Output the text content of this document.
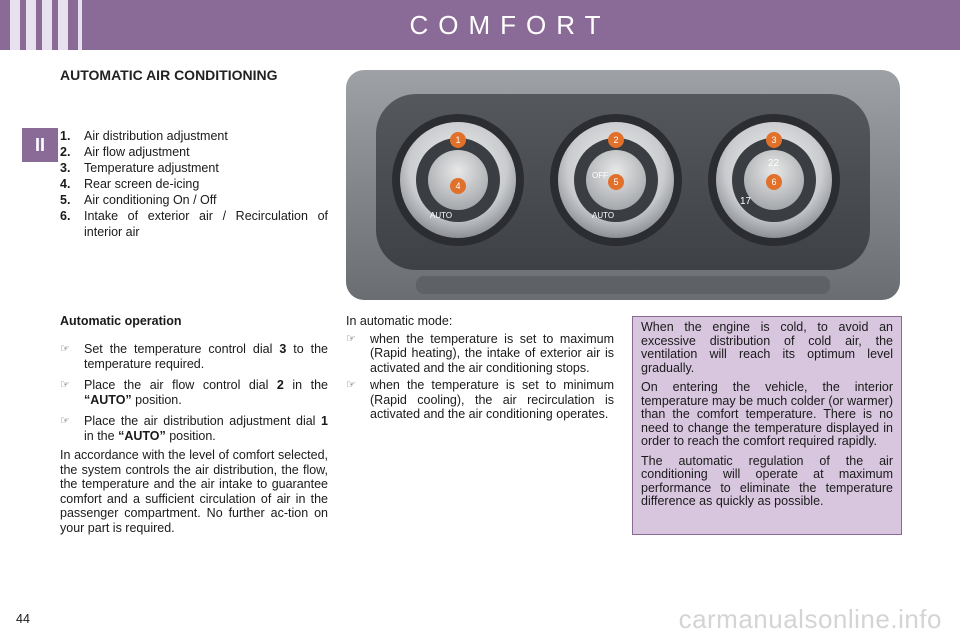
COMFORT
II
AUTOMATIC AIR CONDITIONING
1.	Air distribution adjustment
2.	Air flow adjustment
3.	Temperature adjustment
4.	Rear screen de-icing
5.	Air conditioning On / Off
6.	Intake of exterior air / Recirculation of interior air
AUTO
OFF
AUTO
22
17
1	2	3
4	5	6
Automatic operation
☞	Set the temperature control dial 3 to the temperature required.
☞	Place the air flow control dial 2 in the “AUTO” position.
☞	Place the air distribution adjustment dial 1 in the “AUTO” position.
In accordance with the level of comfort selected, the system controls the air distribution, the flow, the temperature and the air intake to guarantee comfort and a sufficient circulation of air in the passenger compartment. No further ac-tion on your part is required.
In automatic mode:
☞	when the temperature is set to maximum (Rapid heating), the intake of exterior air is activated and the air conditioning stops.
☞	when the temperature is set to minimum (Rapid cooling), the air recirculation is activated and the air conditioning operates.

When the engine is cold, to avoid an excessive distribution of cold air, the ventilation will reach its optimum level gradually.

On entering the vehicle, the interior temperature may be much colder (or warmer) than the comfort temperature. There is no need to change the temperature displayed in order to reach the comfort required rapidly.

The automatic regulation of the air conditioning will operate at maximum performance to eliminate the temperature difference as quickly as possible.

44	carmanualsonline.info
